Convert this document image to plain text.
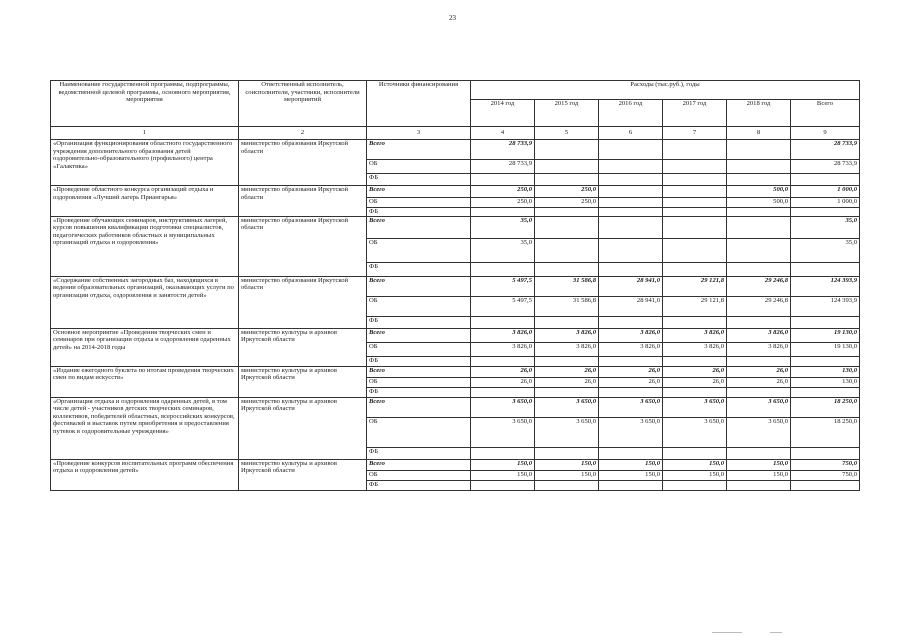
23
Наименование государственной программы, подпрограммы, ведомственной целевой программы, основного мероприятия, мероприятия	Ответственный исполнитель, соисполнители, участники, исполнители мероприятий	Источники финансирования	Расходы (тыс.руб.), годы					
			2014 год	2015 год	2016 год	2017 год	2018 год	Всего
1	2	3	4	5	6	7	8	9
«Организация функционирования областного государственного учреждения дополнительного образования детей оздоровительно-образовательного (профильного) центра «Галактика»	министерство образования Иркутской области	Всего	28 733,9					28 733,9
		ОБ	28 733,9					28 733,9
		ФБ						
«Проведение областного конкурса организаций отдыха и оздоровления «Лучший лагерь Приангарья»	министерство образования Иркутской области	Всего	250,0	250,0			500,0	1 000,0
		ОБ	250,0	250,0			500,0	1 000,0
		ФБ						
«Проведение обучающих семинаров, инструктивных лагерей, курсов повышения квалификации подготовки специалистов, педагогических работников областных и муниципальных организаций отдыха и оздоровления»	министерство образования Иркутской области	Всего	35,0					35,0
		ОБ	35,0					35,0
		ФБ						
«Содержание собственных загородных баз, находящихся в ведении образовательных организаций, оказывающих услуги по организации отдыха, оздоровления и занятости детей»	министерство образования Иркутской области	Всего	5 497,5	31 586,8	28 941,0	29 121,8	29 246,8	124 393,9
		ОБ	5 497,5	31 586,8	28 941,0	29 121,8	29 246,8	124 393,9
		ФБ						
Основное мероприятие «Проведения творческих смен и семинаров при организации отдыха и оздоровления одаренных детей» на 2014-2018 годы	министерство культуры и архивов Иркутской области	Всего	3 826,0	3 826,0	3 826,0	3 826,0	3 826,0	19 130,0
		ОБ	3 826,0	3 826,0	3 826,0	3 826,0	3 826,0	19 130,0
		ФБ						
«Издание ежегодного буклета по итогам проведения творческих смен по видам искусств»	министерство культуры и архивов Иркутской области	Всего	26,0	26,0	26,0	26,0	26,0	130,0
		ОБ	26,0	26,0	26,0	26,0	26,0	130,0
		ФБ						
«Организация отдыха и оздоровления одаренных детей, в том числе детей - участников детских творческих семинаров, коллективов, победителей областных, всероссийских конкурсов, фестивалей и выставок путем приобретения и предоставления путевок в оздоровительные учреждения»	министерство культуры и архивов Иркутской области	Всего	3 650,0	3 650,0	3 650,0	3 650,0	3 650,0	18 250,0
		ОБ	3 650,0	3 650,0	3 650,0	3 650,0	3 650,0	18 250,0
		ФБ						
«Проведение конкурсов воспитательных программ обеспечения отдыха и оздоровления детей»	министерство культуры и архивов Иркутской области	Всего	150,0	150,0	150,0	150,0	150,0	750,0
		ОБ	150,0	150,0	150,0	150,0	150,0	750,0
		ФБ						
